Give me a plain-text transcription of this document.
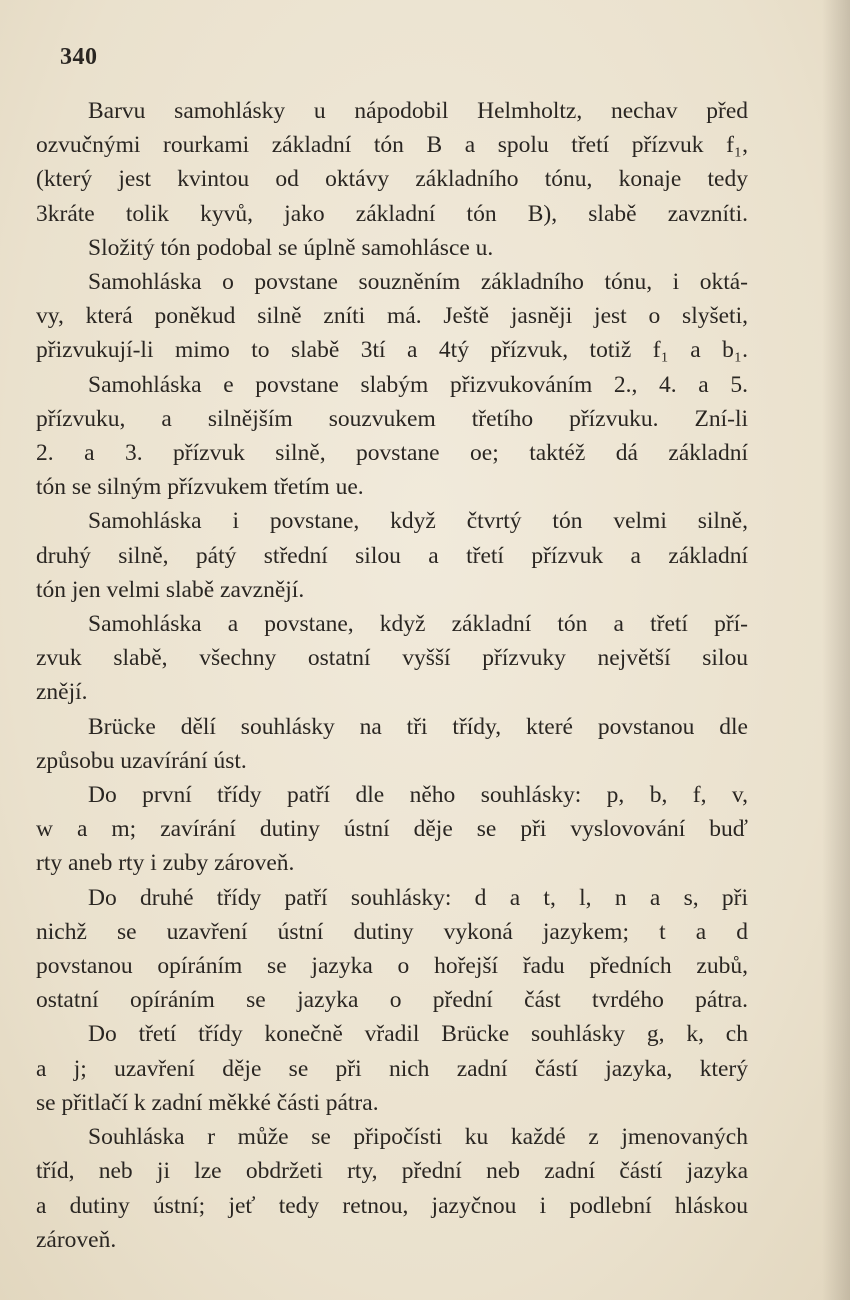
340
Barvu samohlásky u nápodobil Helmholtz, nechav před
ozvučnými rourkami základní tón B a spolu třetí přízvuk f₁,
(který jest kvintou od oktávy základního tónu, konaje tedy
3kráte tolik kyvů, jako základní tón B), slabě zavzníti.
Složitý tón podobal se úplně samohlásce u.
Samohláska o povstane souzněním základního tónu, i oktá-
vy, která poněkud silně zníti má. Ještě jasněji jest o slyšeti,
přizvukují-li mimo to slabě 3tí a 4tý přízvuk, totiž f₁ a b₁.
Samohláska e povstane slabým přizvukováním 2., 4. a 5.
přízvuku, a silnějším souzvukem třetího přízvuku. Zní-li
2. a 3. přízvuk silně, povstane oe; taktéž dá základní
tón se silným přízvukem třetím ue.
Samohláska i povstane, když čtvrtý tón velmi silně,
druhý silně, pátý střední silou a třetí přízvuk a základní
tón jen velmi slabě zavznějí.
Samohláska a povstane, když základní tón a třetí pří-
zvuk slabě, všechny ostatní vyšší přízvuky největší silou
znějí.
Brücke dělí souhlásky na tři třídy, které povstanou dle
způsobu uzavírání úst.
Do první třídy patří dle něho souhlásky: p, b, f, v,
w a m; zavírání dutiny ústní děje se při vyslovování buď
rty aneb rty i zuby zároveň.
Do druhé třídy patří souhlásky: d a t, l, n a s, při
nichž se uzavření ústní dutiny vykoná jazykem; t a d
povstanou opíráním se jazyka o hořejší řadu předních zubů,
ostatní opíráním se jazyka o přední část tvrdého pátra.
Do třetí třídy konečně vřadil Brücke souhlásky g, k, ch
a j; uzavření děje se při nich zadní částí jazyka, který
se přitlačí k zadní měkké části pátra.
Souhláska r může se připočísti ku každé z jmenovaných
tříd, neb ji lze obdržeti rty, přední neb zadní částí jazyka
a dutiny ústní; jeť tedy retnou, jazyčnou i podlební hláskou
zároveň.
